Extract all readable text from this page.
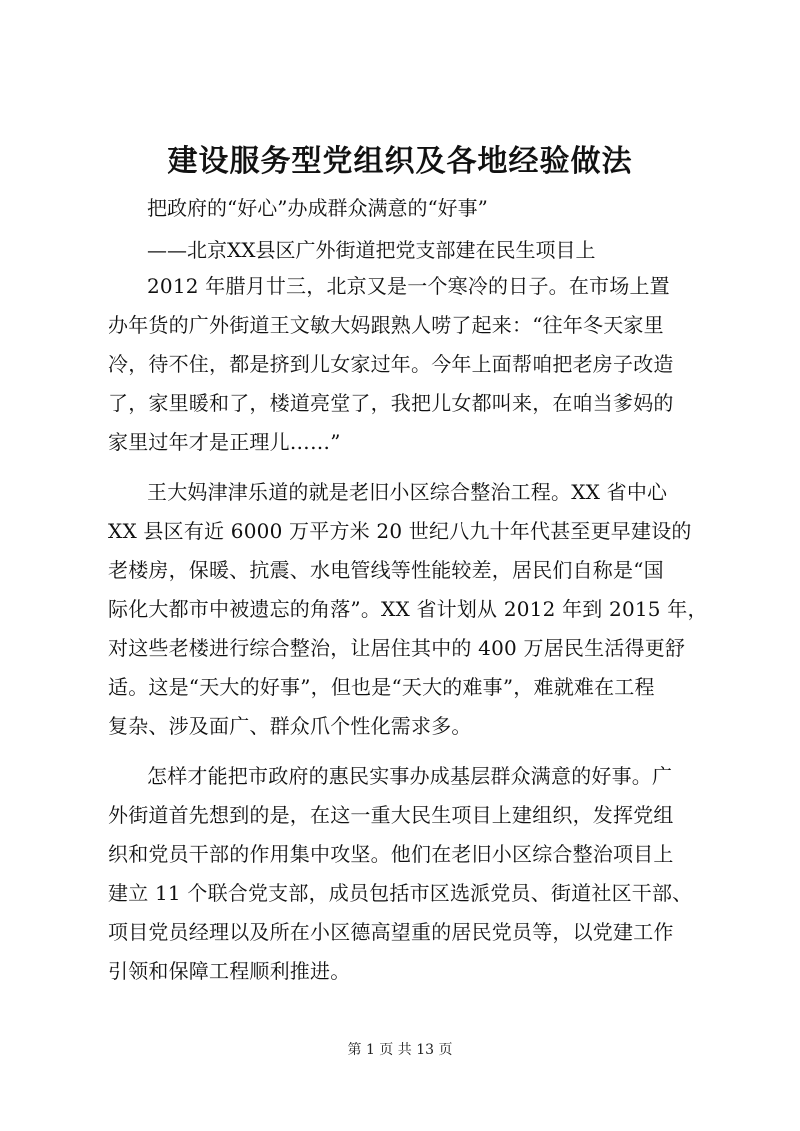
建设服务型党组织及各地经验做法
把政府的“好心”办成群众满意的“好事”
——北京XX县区广外街道把党支部建在民生项目上
2012 年腊月廿三，北京又是一个寒冷的日子。在市场上置
办年货的广外街道王文敏大妈跟熟人唠了起来：“往年冬天家里
冷，待不住，都是挤到儿女家过年。今年上面帮咱把老房子改造
了，家里暖和了，楼道亮堂了，我把儿女都叫来，在咱当爹妈的
家里过年才是正理儿……”
王大妈津津乐道的就是老旧小区综合整治工程。XX 省中心
XX 县区有近 6000 万平方米 20 世纪八九十年代甚至更早建设的
老楼房，保暖、抗震、水电管线等性能较差，居民们自称是“国
际化大都市中被遗忘的角落”。XX 省计划从 2012 年到 2015 年，
对这些老楼进行综合整治，让居住其中的 400 万居民生活得更舒
适。这是“天大的好事”，但也是“天大的难事”，难就难在工程
复杂、涉及面广、群众爪个性化需求多。
怎样才能把市政府的惠民实事办成基层群众满意的好事。广
外街道首先想到的是，在这一重大民生项目上建组织，发挥党组
织和党员干部的作用集中攻坚。他们在老旧小区综合整治项目上
建立 11 个联合党支部，成员包括市区选派党员、街道社区干部、
项目党员经理以及所在小区德高望重的居民党员等，以党建工作
引领和保障工程顺利推进。
第 1 页 共 13 页
